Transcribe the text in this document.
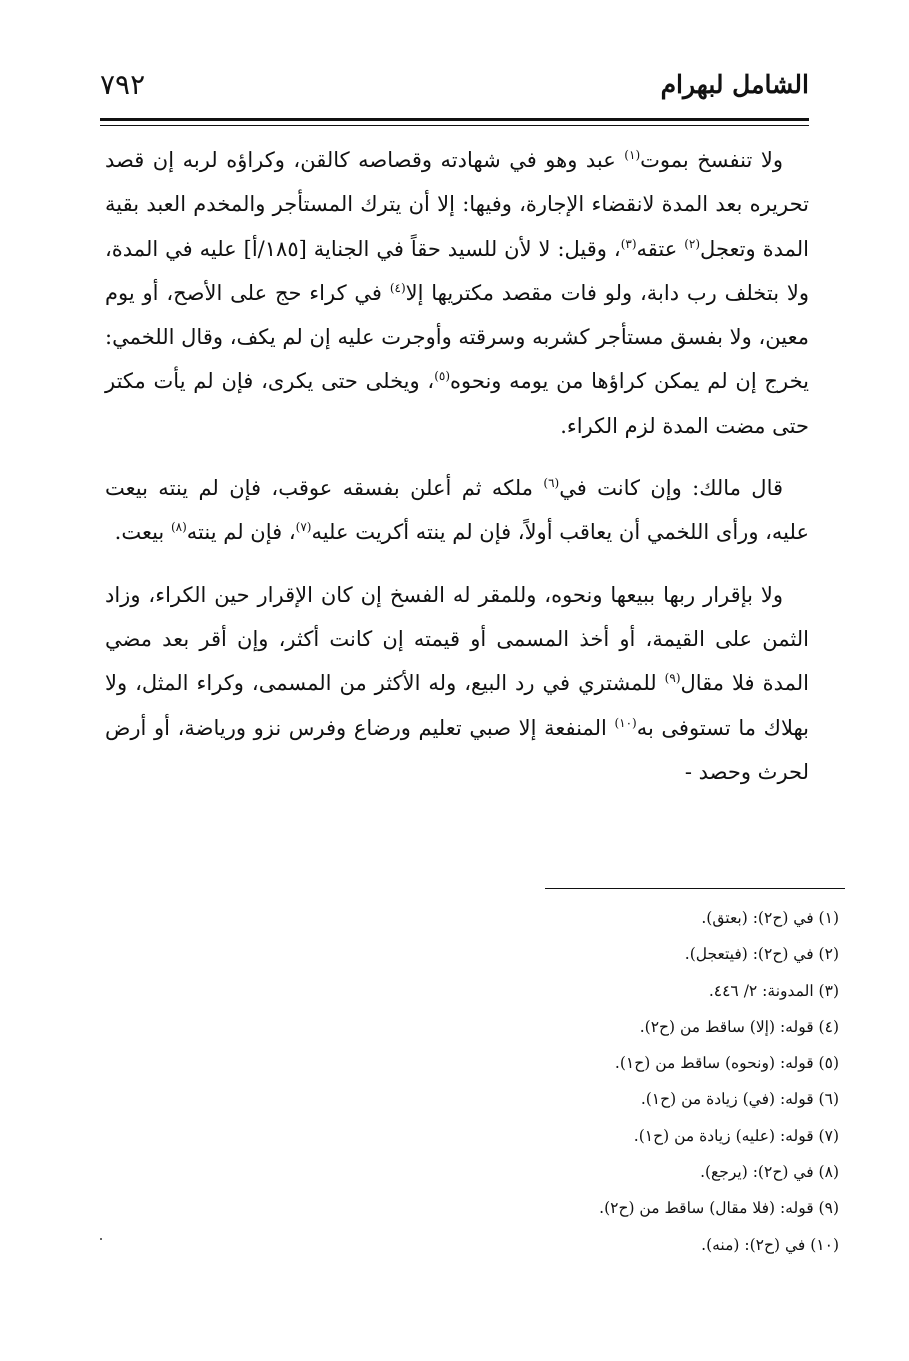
٧٩٢	الشامل لبهرام

ولا تنفسخ بموت$^{(١)}$ عبد وهو في شهادته وقصاصه كالقن، وكراؤه لربه إن قصد تحريره بعد المدة لانقضاء الإجارة، وفيها: إلا أن يترك المستأجر والمخدم العبد بقية المدة وتعجل$^{(٢)}$ عتقه$^{(٣)}$، وقيل: لا لأن للسيد حقاً في الجناية [١٨٥/أ] عليه في المدة، ولا بتخلف رب دابة، ولو فات مقصد مكتريها إلا$^{(٤)}$ في كراء حج على الأصح، أو يوم معين، ولا بفسق مستأجر كشربه وسرقته وأوجرت عليه إن لم يكف، وقال اللخمي: يخرج إن لم يمكن كراؤها من يومه ونحوه$^{(٥)}$، ويخلى حتى يكرى، فإن لم يأت مكتر حتى مضت المدة لزم الكراء.

قال مالك: وإن كانت في$^{(٦)}$ ملكه ثم أعلن بفسقه عوقب، فإن لم ينته بيعت عليه، ورأى اللخمي أن يعاقب أولاً، فإن لم ينته أكريت عليه$^{(٧)}$، فإن لم ينته$^{(٨)}$ بيعت.

ولا بإقرار ربها ببيعها ونحوه، وللمقر له الفسخ إن كان الإقرار حين الكراء، وزاد الثمن على القيمة، أو أخذ المسمى أو قيمته إن كانت أكثر، وإن أقر بعد مضي المدة فلا مقال$^{(٩)}$ للمشتري في رد البيع، وله الأكثر من المسمى، وكراء المثل، ولا بهلاك ما تستوفى به$^{(١٠)}$ المنفعة إلا صبي تعليم ورضاع وفرس نزو ورياضة، أو أرض لحرث وحصد -

(١) في (ح٢): (بعتق).
(٢) في (ح٢): (فيتعجل).
(٣) المدونة: ٢/ ٤٤٦.
(٤) قوله: (إلا) ساقط من (ح٢).
(٥) قوله: (ونحوه) ساقط من (ح١).
(٦) قوله: (في) زيادة من (ح١).
(٧) قوله: (عليه) زيادة من (ح١).
(٨) في (ح٢): (يرجع).
(٩) قوله: (فلا مقال) ساقط من (ح٢).
(١٠) في (ح٢): (منه).
